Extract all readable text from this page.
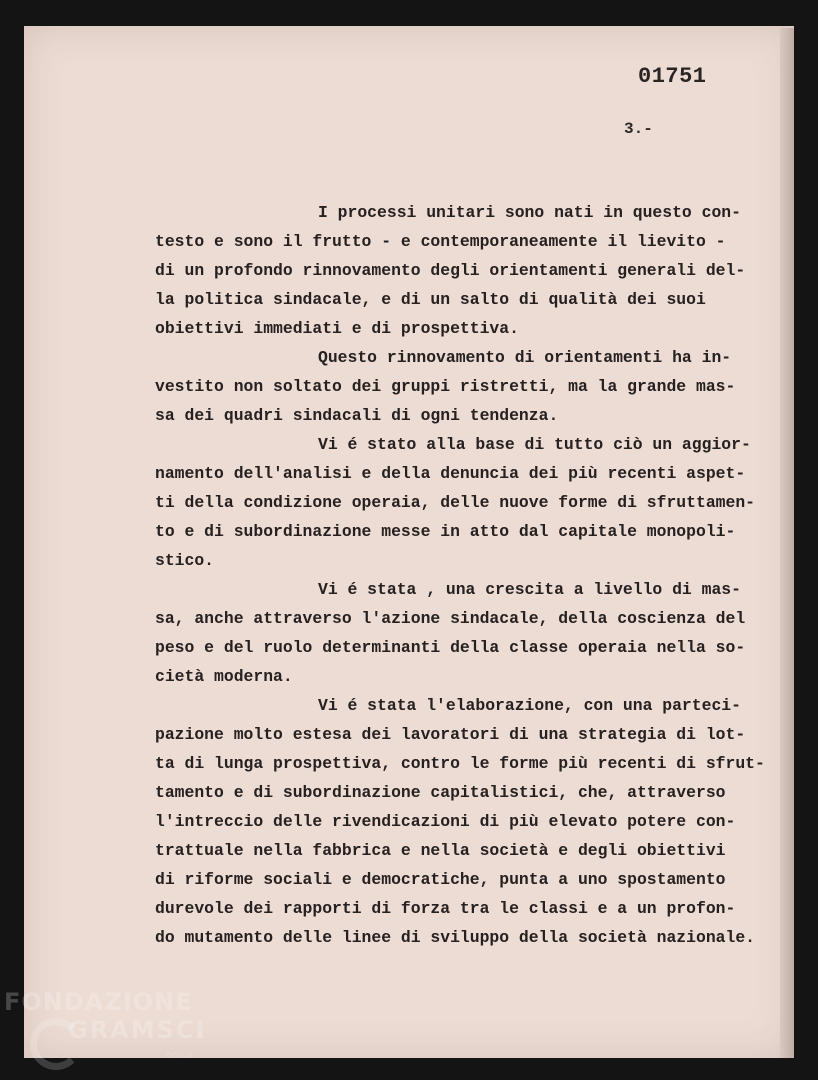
01751
3.-
I processi unitari sono nati in questo con-
testo e sono il frutto - e contemporaneamente il lievito -
di un profondo rinnovamento degli orientamenti generali del-
la politica sindacale, e di un salto di qualità dei suoi
obiettivi immediati e di prospettiva.
Questo rinnovamento di orientamenti ha in-
vestito non soltato dei gruppi ristretti, ma la grande mas-
sa dei quadri sindacali di ogni tendenza.
Vi é stato alla base di tutto ciò un aggior-
namento dell'analisi e della denuncia dei più recenti aspet-
ti della condizione operaia, delle nuove forme di sfruttamen-
to e di subordinazione messe in atto dal capitale monopoli-
stico.
Vi é stata , una crescita a livello di mas-
sa, anche attraverso l'azione sindacale, della coscienza del
peso e del ruolo determinanti della classe operaia nella so-
cietà moderna.
Vi é stata l'elaborazione, con una parteci-
pazione molto estesa dei lavoratori di una strategia di lot-
ta di lunga prospettiva, contro le forme più recenti di sfrut-
tamento e di subordinazione capitalistici, che, attraverso
l'intreccio delle rivendicazioni di più elevato potere con-
trattuale nella fabbrica e nella società e degli obiettivi
di riforme sociali e democratiche, punta a uno spostamento
durevole dei rapporti di forza tra le classi e a un profon-
do mutamento delle linee di sviluppo della società nazionale.
FONDAZIONE
GRAMSCI
onlus
